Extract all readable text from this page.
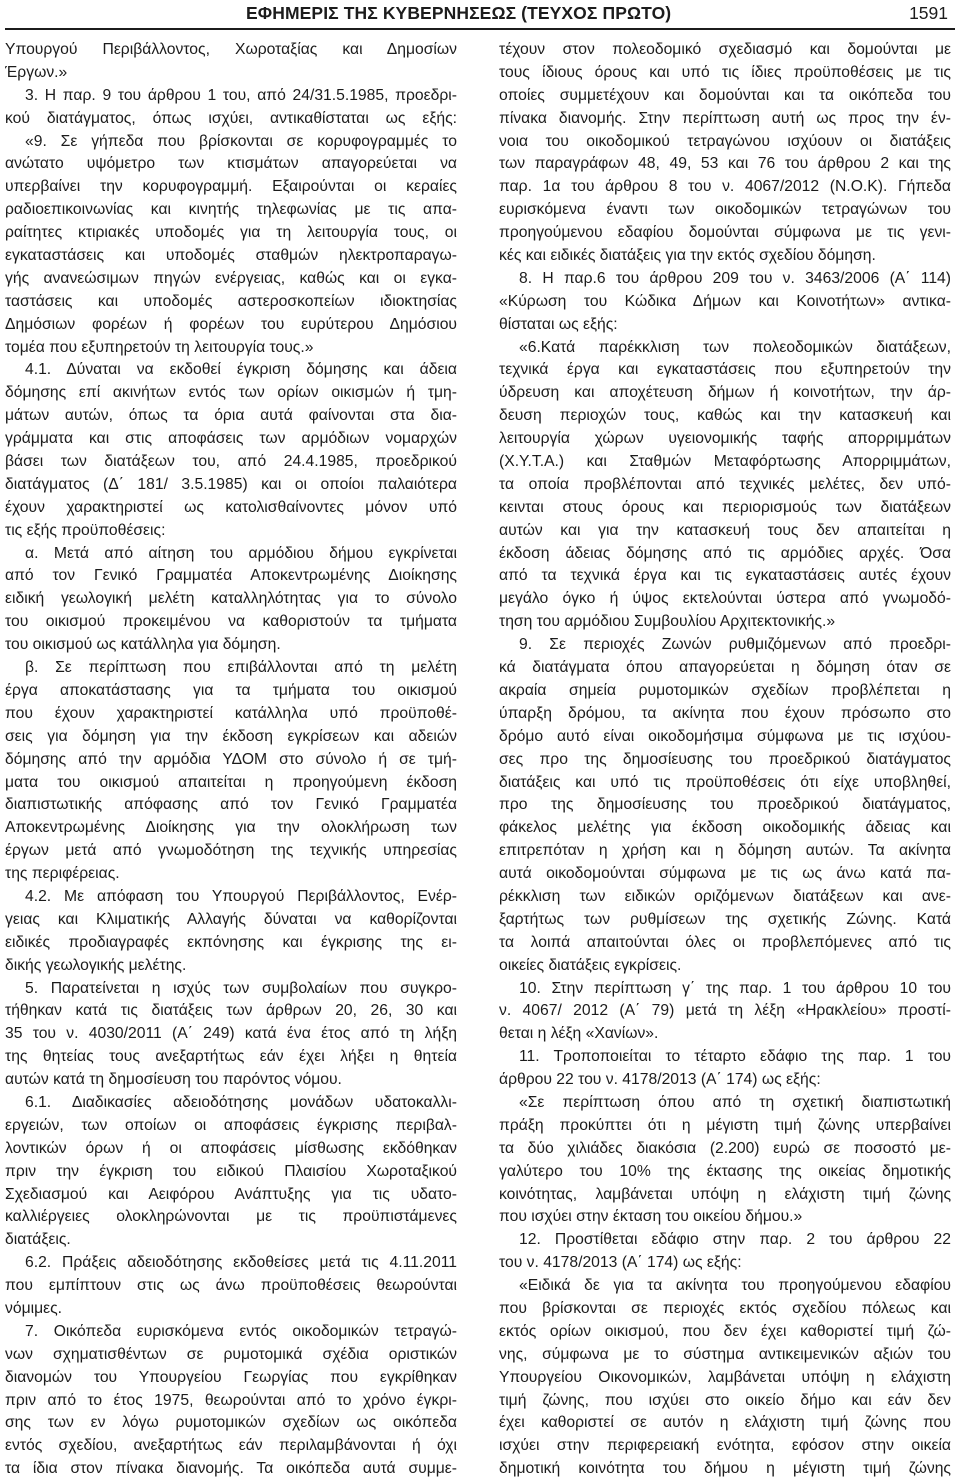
ΕΦΗΜΕΡΙΣ ΤΗΣ ΚΥΒΕΡΝΗΣΕΩΣ (ΤΕΥΧΟΣ ΠΡΩΤΟ)	1591
Υπουργού Περιβάλλοντος, Χωροταξίας και Δημοσίων
Έργων.»
3. Η παρ. 9 του άρθρου 1 του, από 24/31.5.1985, προεδρι-
κού διατάγματος, όπως ισχύει, αντικαθίσταται ως εξής:
«9. Σε γήπεδα που βρίσκονται σε κορυφογραμμές το
ανώτατο υψόμετρο των κτισμάτων απαγορεύεται να
υπερβαίνει την κορυφογραμμή. Εξαιρούνται οι κεραίες
ραδιοεπικοινωνίας και κινητής τηλεφωνίας με τις απα-
ραίτητες κτιριακές υποδομές για τη λειτουργία τους, οι
εγκαταστάσεις και υποδομές σταθμών ηλεκτροπαραγω-
γής ανανεώσιμων πηγών ενέργειας, καθώς και οι εγκα-
ταστάσεις και υποδομές αστεροσκοπείων ιδιοκτησίας
Δημόσιων φορέων ή φορέων του ευρύτερου Δημόσιου
τομέα που εξυπηρετούν τη λειτουργία τους.»
4.1. Δύναται να εκδοθεί έγκριση δόμησης και άδεια
δόμησης επί ακινήτων εντός των ορίων οικισμών ή τμη-
μάτων αυτών, όπως τα όρια αυτά φαίνονται στα δια-
γράμματα και στις αποφάσεις των αρμόδιων νομαρχών
βάσει των διατάξεων του, από 24.4.1985, προεδρικού
διατάγματος (Δ΄ 181/ 3.5.1985) και οι οποίοι παλαιότερα
έχουν χαρακτηριστεί ως κατολισθαίνοντες μόνον υπό
τις εξής προϋποθέσεις:
α. Μετά από αίτηση του αρμόδιου δήμου εγκρίνεται
από τον Γενικό Γραμματέα Αποκεντρωμένης Διοίκησης
ειδική γεωλογική μελέτη καταλληλότητας για το σύνολο
του οικισμού προκειμένου να καθοριστούν τα τμήματα
του οικισμού ως κατάλληλα για δόμηση.
β. Σε περίπτωση που επιβάλλονται από τη μελέτη
έργα αποκατάστασης για τα τμήματα του οικισμού
που έχουν χαρακτηριστεί κατάλληλα υπό προϋποθέ-
σεις για δόμηση για την έκδοση εγκρίσεων και αδειών
δόμησης από την αρμόδια ΥΔΟΜ στο σύνολο ή σε τμή-
ματα του οικισμού απαιτείται η προηγούμενη έκδοση
διαπιστωτικής απόφασης από τον Γενικό Γραμματέα
Αποκεντρωμένης Διοίκησης για την ολοκλήρωση των
έργων μετά από γνωμοδότηση της τεχνικής υπηρεσίας
της περιφέρειας.
4.2. Με απόφαση του Υπουργού Περιβάλλοντος, Ενέρ-
γειας και Κλιματικής Αλλαγής δύναται να καθορίζονται
ειδικές προδιαγραφές εκπόνησης και έγκρισης της ει-
δικής γεωλογικής μελέτης.
5. Παρατείνεται η ισχύς των συμβολαίων που συγκρο-
τήθηκαν κατά τις διατάξεις των άρθρων 20, 26, 30 και
35 του ν. 4030/2011 (Α΄ 249) κατά ένα έτος από τη λήξη
της θητείας τους ανεξαρτήτως εάν έχει λήξει η θητεία
αυτών κατά τη δημοσίευση του παρόντος νόμου.
6.1. Διαδικασίες αδειοδότησης μονάδων υδατοκαλλι-
εργειών, των οποίων οι αποφάσεις έγκρισης περιβαλ-
λοντικών όρων ή οι αποφάσεις μίσθωσης εκδόθηκαν
πριν την έγκριση του ειδικού Πλαισίου Χωροταξικού
Σχεδιασμού και Αειφόρου Ανάπτυξης για τις υδατο-
καλλιέργειες ολοκληρώνονται με τις προϋπιστάμενες
διατάξεις.
6.2. Πράξεις αδειοδότησης εκδοθείσες μετά τις 4.11.2011
που εμπίπτουν στις ως άνω προϋποθέσεις θεωρούνται
νόμιμες.
7. Οικόπεδα ευρισκόμενα εντός οικοδομικών τετραγώ-
νων σχηματισθέντων σε ρυμοτομικά σχέδια οριστικών
διανομών του Υπουργείου Γεωργίας που εγκρίθηκαν
πριν από το έτος 1975, θεωρούνται από το χρόνο έγκρι-
σης των εν λόγω ρυμοτομικών σχεδίων ως οικόπεδα
εντός σχεδίου, ανεξαρτήτως εάν περιλαμβάνονται ή όχι
τα ίδια στον πίνακα διανομής. Τα οικόπεδα αυτά συμμε-
τέχουν στον πολεοδομικό σχεδιασμό και δομούνται με
τους ίδιους όρους και υπό τις ίδιες προϋποθέσεις με τις
οποίες συμμετέχουν και δομούνται και τα οικόπεδα του
πίνακα διανομής. Στην περίπτωση αυτή ως προς την έν-
νοια του οικοδομικού τετραγώνου ισχύουν οι διατάξεις
των παραγράφων 48, 49, 53 και 76 του άρθρου 2 και της
παρ. 1α του άρθρου 8 του ν. 4067/2012 (Ν.Ο.Κ). Γήπεδα
ευρισκόμενα έναντι των οικοδομικών τετραγώνων του
προηγούμενου εδαφίου δομούνται σύμφωνα με τις γενι-
κές και ειδικές διατάξεις για την εκτός σχεδίου δόμηση.
8. Η παρ.6 του άρθρου 209 του ν. 3463/2006 (Α΄ 114)
«Κύρωση του Κώδικα Δήμων και Κοινοτήτων» αντικα-
θίσταται ως εξής:
«6.Κατά παρέκκλιση των πολεοδομικών διατάξεων,
τεχνικά έργα και εγκαταστάσεις που εξυπηρετούν την
ύδρευση και αποχέτευση δήμων ή κοινοτήτων, την άρ-
δευση περιοχών τους, καθώς και την κατασκευή και
λειτουργία χώρων υγειονομικής ταφής απορριμμάτων
(Χ.Υ.Τ.Α.) και Σταθμών Μεταφόρτωσης Απορριμμάτων,
τα οποία προβλέπονται από τεχνικές μελέτες, δεν υπό-
κεινται στους όρους και περιορισμούς των διατάξεων
αυτών και για την κατασκευή τους δεν απαιτείται η
έκδοση άδειας δόμησης από τις αρμόδιες αρχές. Όσα
από τα τεχνικά έργα και τις εγκαταστάσεις αυτές έχουν
μεγάλο όγκο ή ύψος εκτελούνται ύστερα από γνωμοδό-
τηση του αρμόδιου Συμβουλίου Αρχιτεκτονικής.»
9. Σε περιοχές Ζωνών ρυθμιζόμενων από προεδρι-
κά διατάγματα όπου απαγορεύεται η δόμηση όταν σε
ακραία σημεία ρυμοτομικών σχεδίων προβλέπεται η
ύπαρξη δρόμου, τα ακίνητα που έχουν πρόσωπο στο
δρόμο αυτό είναι οικοδομήσιμα σύμφωνα με τις ισχύου-
σες προ της δημοσίευσης του προεδρικού διατάγματος
διατάξεις και υπό τις προϋποθέσεις ότι είχε υποβληθεί,
προ της δημοσίευσης του προεδρικού διατάγματος,
φάκελος μελέτης για έκδοση οικοδομικής άδειας και
επιτρεπόταν η χρήση και η δόμηση αυτών. Τα ακίνητα
αυτά οικοδομούνται σύμφωνα με τις ως άνω κατά πα-
ρέκκλιση των ειδικών οριζόμενων διατάξεων και ανε-
ξαρτήτως των ρυθμίσεων της σχετικής Ζώνης. Κατά
τα λοιπά απαιτούνται όλες οι προβλεπόμενες από τις
οικείες διατάξεις εγκρίσεις.
10. Στην περίπτωση γ΄ της παρ. 1 του άρθρου 10 του
ν. 4067/ 2012 (Α΄ 79) μετά τη λέξη «Ηρακλείου» προστί-
θεται η λέξη «Χανίων».
11. Τροποποιείται το τέταρτο εδάφιο της παρ. 1 του
άρθρου 22 του ν. 4178/2013 (Α΄ 174) ως εξής:
«Σε περίπτωση όπου από τη σχετική διαπιστωτική
πράξη προκύπτει ότι η μέγιστη τιμή ζώνης υπερβαίνει
τα δύο χιλιάδες διακόσια (2.200) ευρώ σε ποσοστό με-
γαλύτερο του 10% της έκτασης της οικείας δημοτικής
κοινότητας, λαμβάνεται υπόψη η ελάχιστη τιμή ζώνης
που ισχύει στην έκταση του οικείου δήμου.»
12. Προστίθεται εδάφιο στην παρ. 2 του άρθρου 22
του ν. 4178/2013 (Α΄ 174) ως εξής:
«Ειδικά δε για τα ακίνητα του προηγούμενου εδαφίου
που βρίσκονται σε περιοχές εκτός σχεδίου πόλεως και
εκτός ορίων οικισμού, που δεν έχει καθοριστεί τιμή ζώ-
νης, σύμφωνα με το σύστημα αντικειμενικών αξιών του
Υπουργείου Οικονομικών, λαμβάνεται υπόψη η ελάχιστη
τιμή ζώνης, που ισχύει στο οικείο δήμο και εάν δεν
έχει καθοριστεί σε αυτόν η ελάχιστη τιμή ζώνης που
ισχύει στην περιφερειακή ενότητα, εφόσον στην οικεία
δημοτική κοινότητα του δήμου η μέγιστη τιμή ζώνης
